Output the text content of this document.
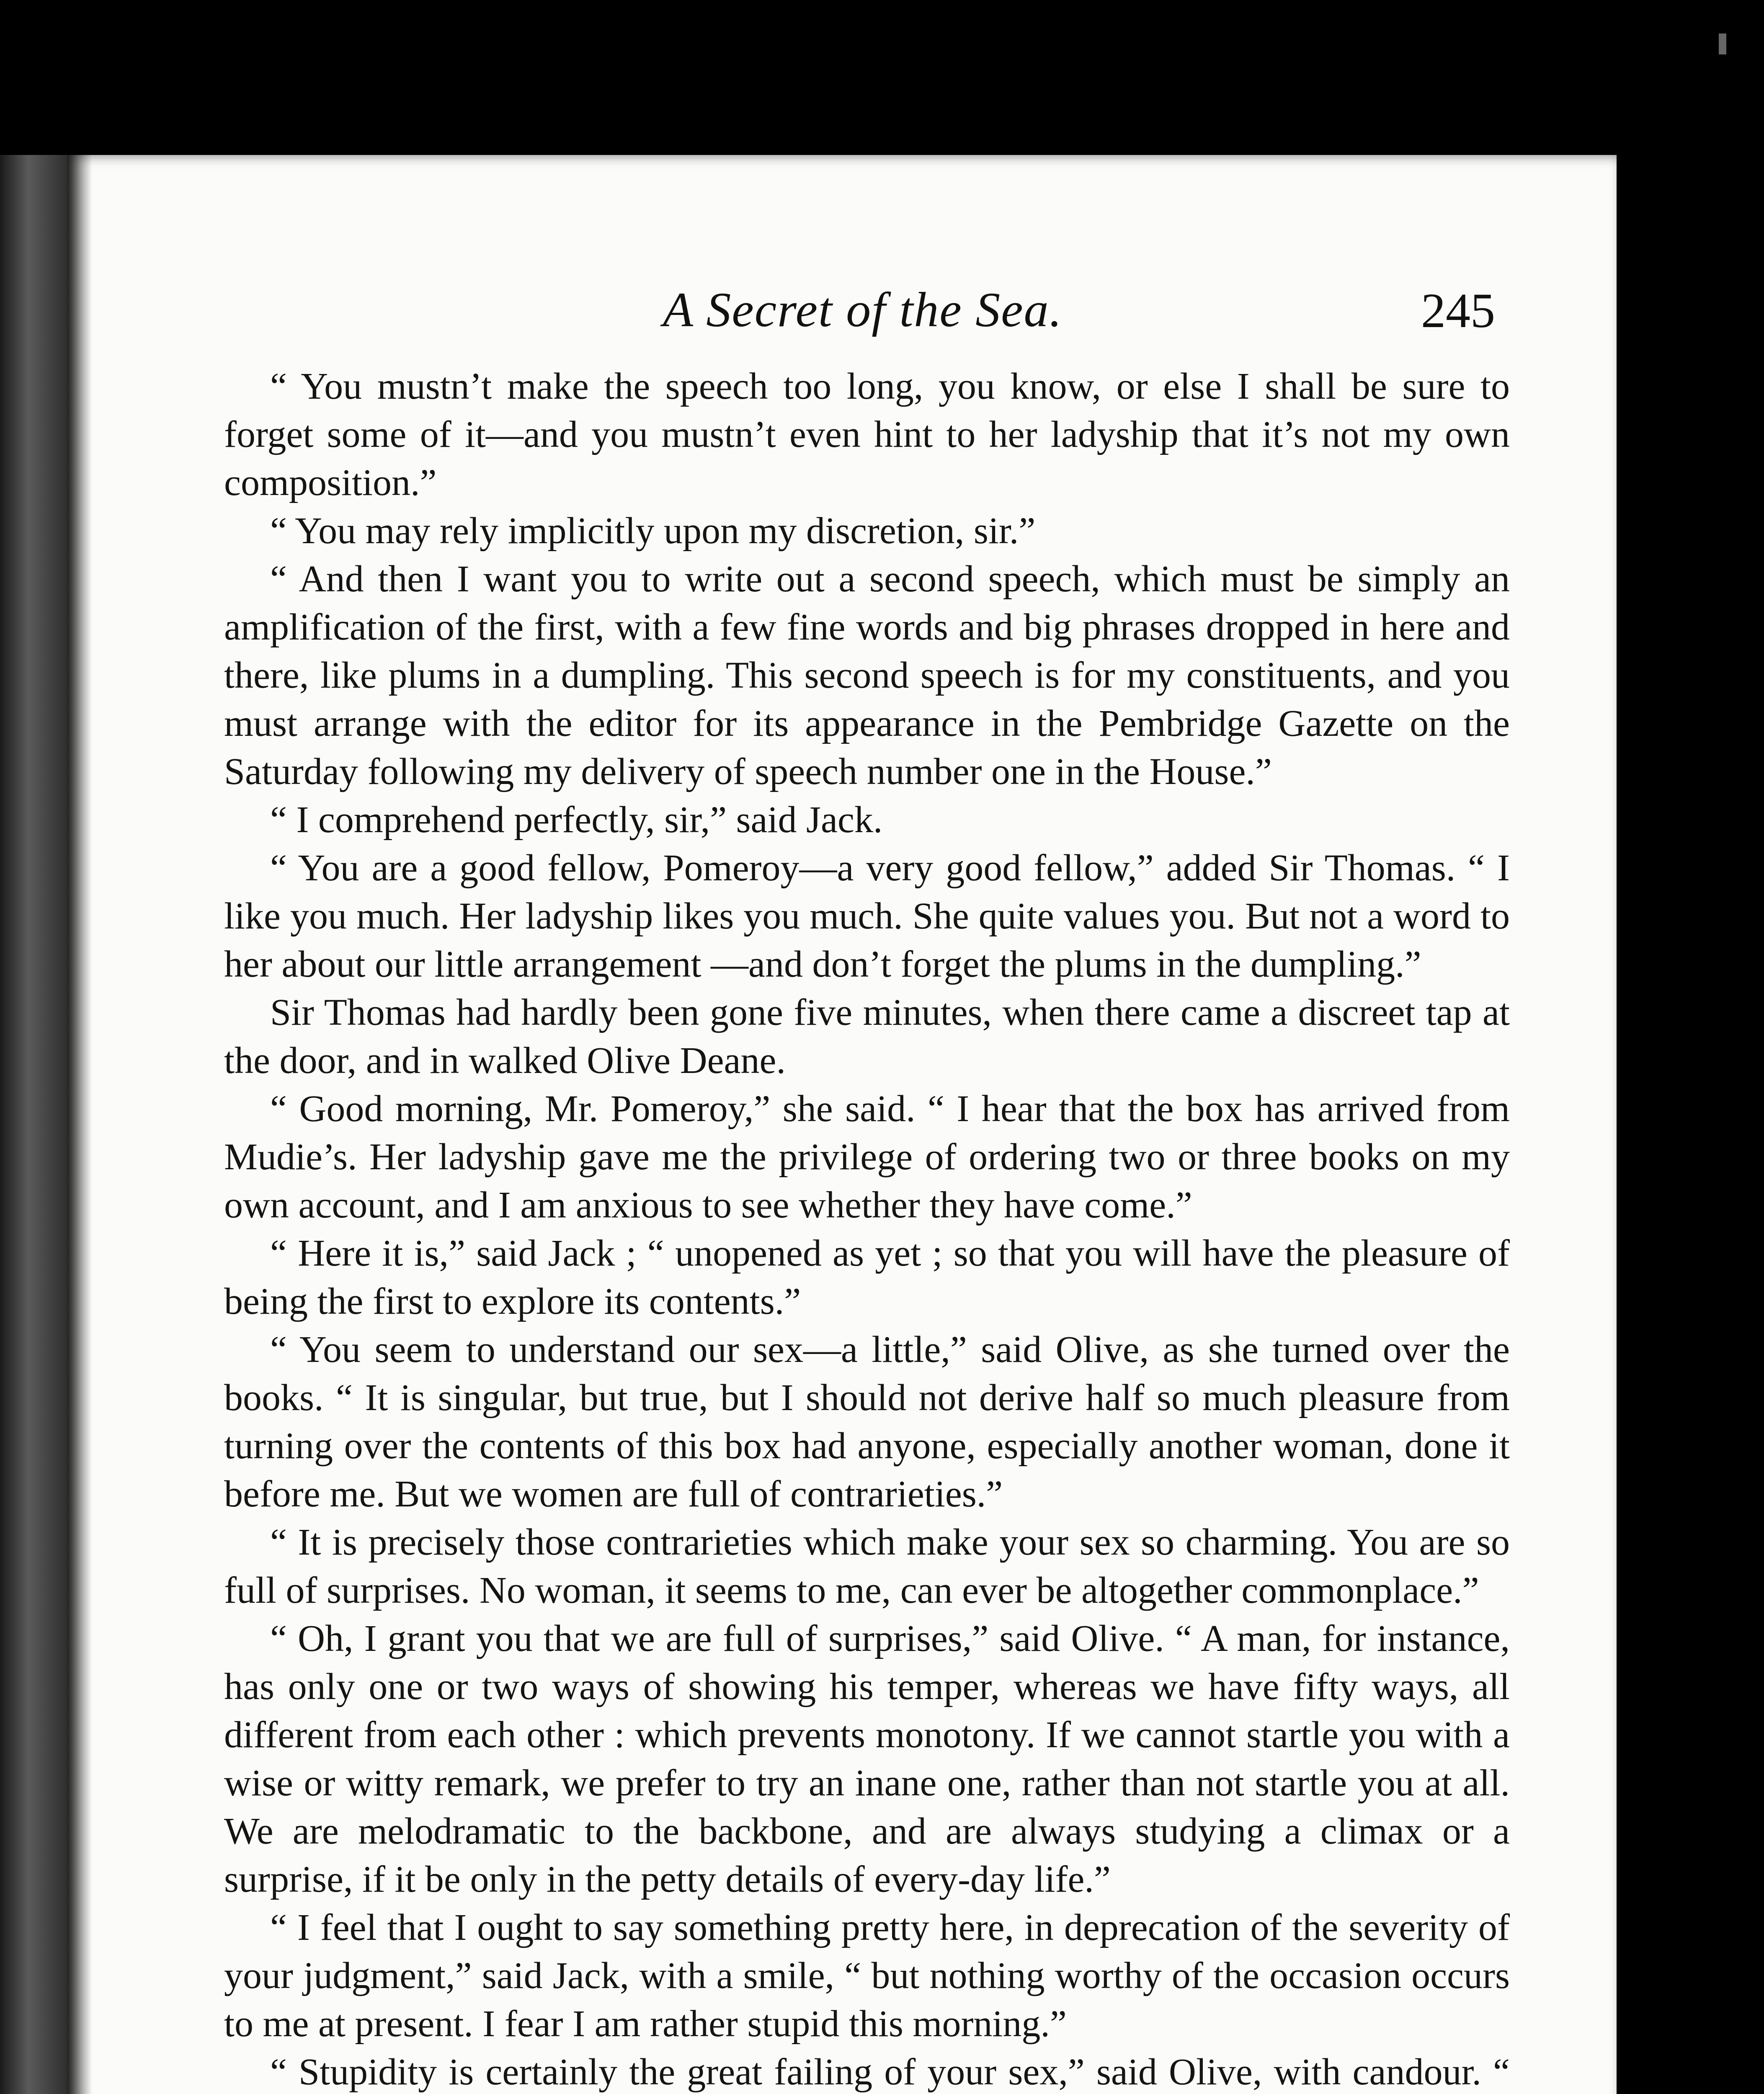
A Secret of the Sea.	245

“ You mustn’t make the speech too long, you know, or else I shall be sure to forget some of it—and you mustn’t even hint to her ladyship that it’s not my own composition.”

“ You may rely implicitly upon my discretion, sir.”

“ And then I want you to write out a second speech, which must be simply an amplification of the first, with a few fine words and big phrases dropped in here and there, like plums in a dumpling. This second speech is for my constituents, and you must arrange with the editor for its appearance in the Pembridge Gazette on the Saturday following my delivery of speech number one in the House.”

“ I comprehend perfectly, sir,” said Jack.

“ You are a good fellow, Pomeroy—a very good fellow,” added Sir Thomas. “ I like you much. Her ladyship likes you much. She quite values you. But not a word to her about our little arrangement —and don’t forget the plums in the dumpling.”

Sir Thomas had hardly been gone five minutes, when there came a discreet tap at the door, and in walked Olive Deane.

“ Good morning, Mr. Pomeroy,” she said. “ I hear that the box has arrived from Mudie’s. Her ladyship gave me the privilege of ordering two or three books on my own account, and I am anxious to see whether they have come.”

“ Here it is,” said Jack ; “ unopened as yet ; so that you will have the pleasure of being the first to explore its contents.”

“ You seem to understand our sex—a little,” said Olive, as she turned over the books. “ It is singular, but true, but I should not derive half so much pleasure from turning over the contents of this box had anyone, especially another woman, done it before me. But we women are full of contrarieties.”

“ It is precisely those contrarieties which make your sex so charming. You are so full of surprises. No woman, it seems to me, can ever be altogether commonplace.”

“ Oh, I grant you that we are full of surprises,” said Olive. “ A man, for instance, has only one or two ways of showing his temper, whereas we have fifty ways, all different from each other : which prevents monotony. If we cannot startle you with a wise or witty remark, we prefer to try an inane one, rather than not startle you at all. We are melodramatic to the backbone, and are always studying a climax or a surprise, if it be only in the petty details of every-day life.”

“ I feel that I ought to say something pretty here, in deprecation of the severity of your judgment,” said Jack, with a smile, “ but nothing worthy of the occasion occurs to me at present. I fear I am rather stupid this morning.”

“ Stupidity is certainly the great failing of your sex,” said Olive, with candour. “
